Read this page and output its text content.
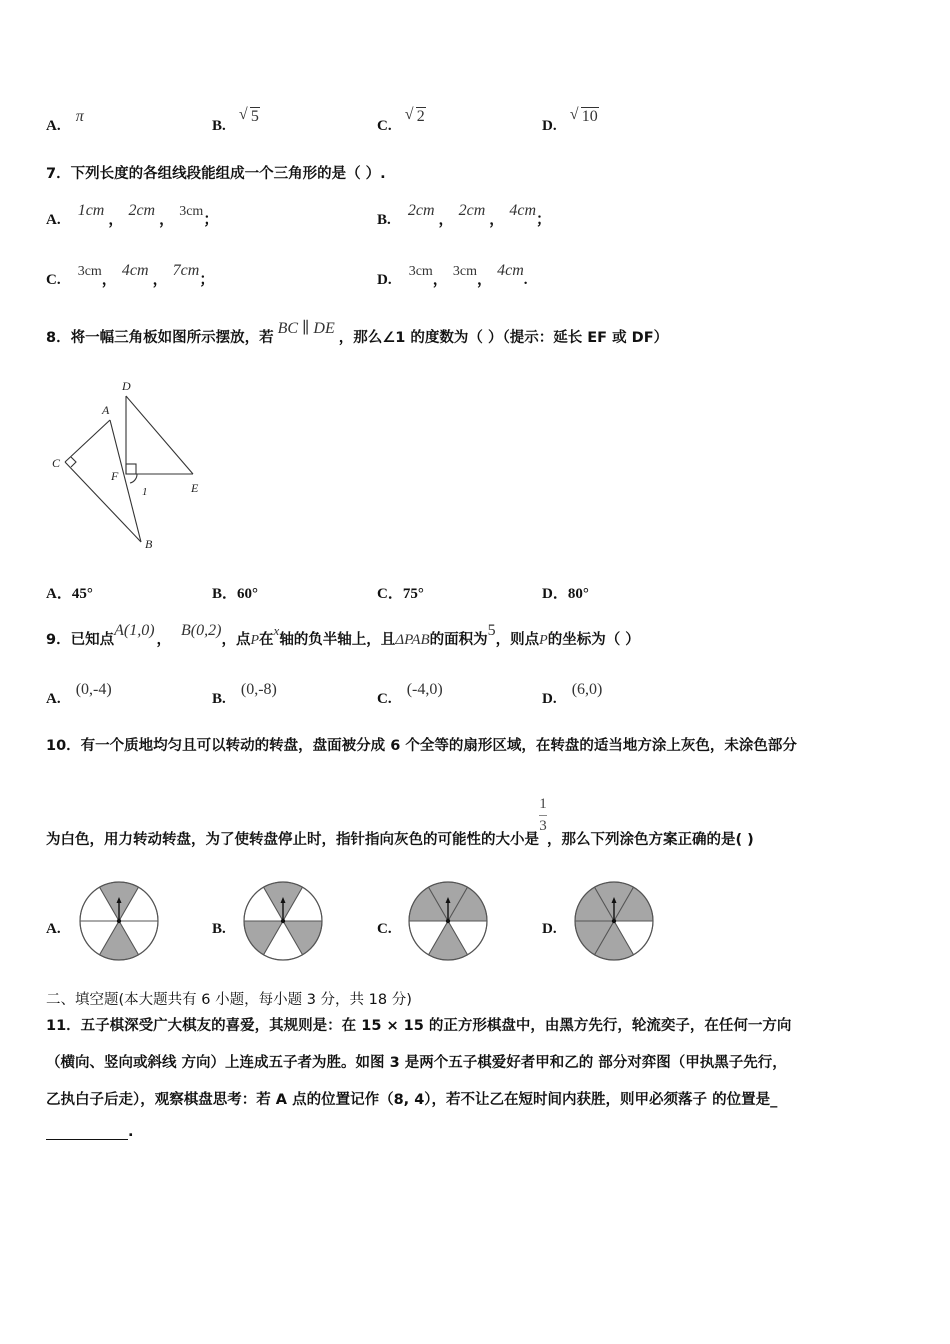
A. π
B. √ 5
C. √ 2
D. √ 10
7．下列长度的各组线段能组成一个三角形的是（ ）.
A. 1cm， 2cm， 3cm；	B. 2cm， 2cm， 4cm；
C. 3cm， 4cm， 7cm；	D. 3cm， 3cm， 4cm.
8．将一幅三角板如图所示摆放，若BC ∥ DE，那么∠1 的度数为（ ）（提示：延长 EF 或 DF）
D
A
C
F
E
1
B
A．45°	B．60°	C．75°	D．80°
9．已知点A(1,0)，B(0,2)，点P在x轴的负半轴上，且ΔPAB的面积为5，则点P的坐标为（ ）
A. (0,-4)
B. (0,-8)
C. (-4,0)
D. (6,0)
10．有一个质地均匀且可以转动的转盘，盘面被分成 6 个全等的扇形区域，在转盘的适当地方涂上灰色，未涂色部分
为白色，用力转动转盘，为了使转盘停止时，指针指向灰色的可能性的大小是
$\frac{1}{3}$
，那么下列涂色方案正确的是( )
A.	B.	C.	D.
二、填空题(本大题共有 6 小题，每小题 3 分，共 18 分)
11．五子棋深受广大棋友的喜爱，其规则是：在 15 × 15 的正方形棋盘中，由黑方先行，轮流奕子，在任何一方向
（横向、竖向或斜线 方向）上连成五子者为胜。如图 3 是两个五子棋爱好者甲和乙的 部分对弈图（甲执黑子先行，
乙执白子后走），观察棋盘思考：若 A 点的位置记作（8, 4），若不让乙在短时间内获胜，则甲必须落子 的位置是_
.
